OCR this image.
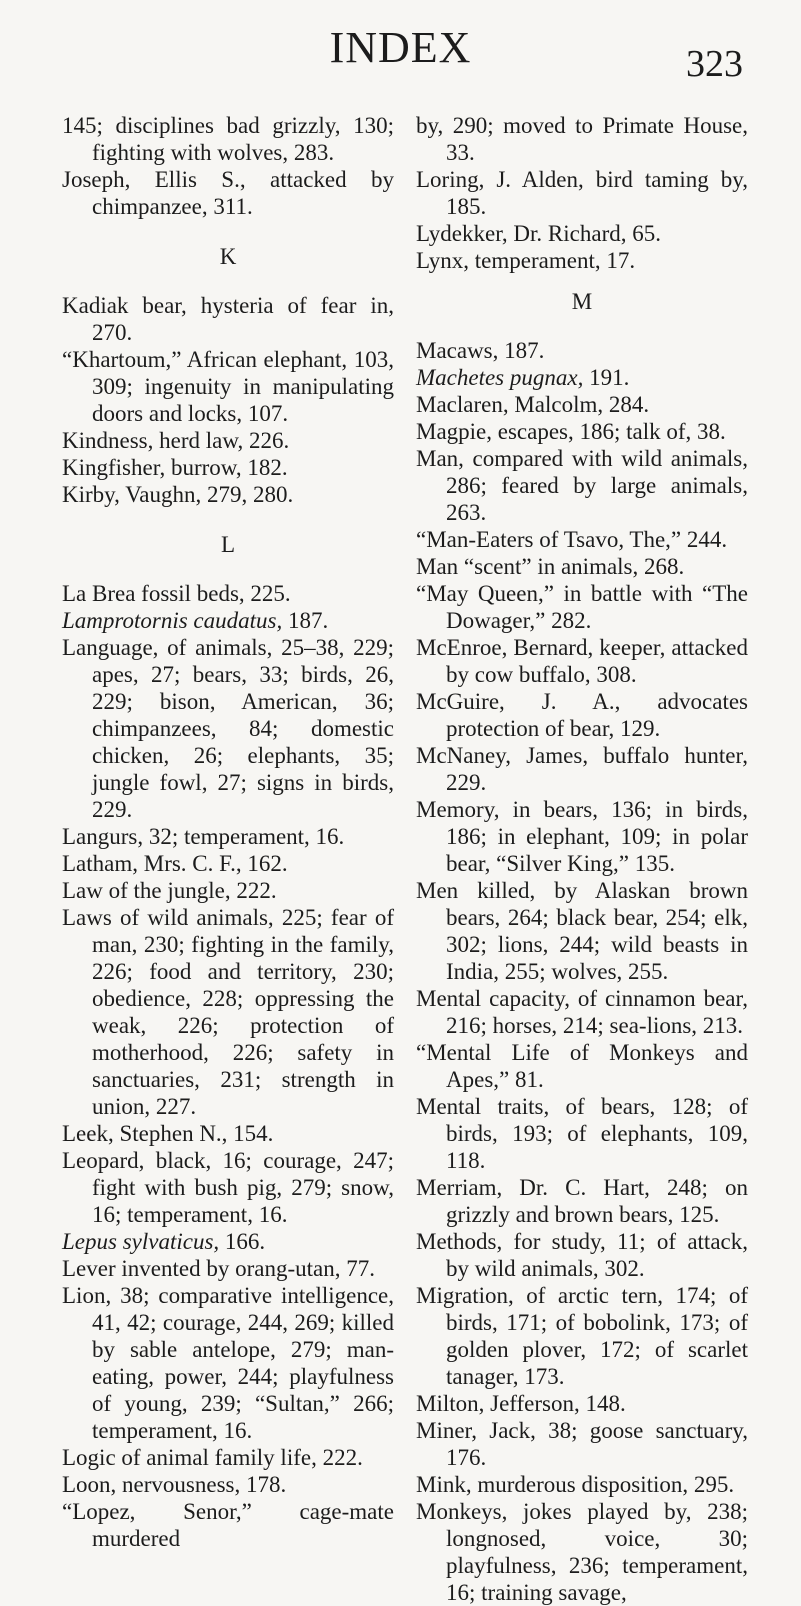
INDEX	323

145; disciplines bad grizzly, 130; fighting with wolves, 283.

Joseph, Ellis S., attacked by chimpanzee, 311.

K

Kadiak bear, hysteria of fear in, 270.

“Khartoum,” African elephant, 103, 309; ingenuity in manipulating doors and locks, 107.

Kindness, herd law, 226.

Kingfisher, burrow, 182.

Kirby, Vaughn, 279, 280.

L

La Brea fossil beds, 225.

Lamprotornis caudatus, 187.

Language, of animals, 25–38, 229; apes, 27; bears, 33; birds, 26, 229; bison, American, 36; chimpanzees, 84; domestic chicken, 26; elephants, 35; jungle fowl, 27; signs in birds, 229.

Langurs, 32; temperament, 16.

Latham, Mrs. C. F., 162.

Law of the jungle, 222.

Laws of wild animals, 225; fear of man, 230; fighting in the family, 226; food and territory, 230; obedience, 228; oppressing the weak, 226; protection of motherhood, 226; safety in sanctuaries, 231; strength in union, 227.

Leek, Stephen N., 154.

Leopard, black, 16; courage, 247; fight with bush pig, 279; snow, 16; temperament, 16.

Lepus sylvaticus, 166.

Lever invented by orang-utan, 77.

Lion, 38; comparative intelligence, 41, 42; courage, 244, 269; killed by sable antelope, 279; man-eating, power, 244; playfulness of young, 239; “Sultan,” 266; temperament, 16.

Logic of animal family life, 222.

Loon, nervousness, 178.

“Lopez, Senor,” cage-mate murdered

by, 290; moved to Primate House, 33.

Loring, J. Alden, bird taming by, 185.

Lydekker, Dr. Richard, 65.

Lynx, temperament, 17.

M

Macaws, 187.

Machetes pugnax, 191.

Maclaren, Malcolm, 284.

Magpie, escapes, 186; talk of, 38.

Man, compared with wild animals, 286; feared by large animals, 263.

“Man-Eaters of Tsavo, The,” 244.

Man “scent” in animals, 268.

“May Queen,” in battle with “The Dowager,” 282.

McEnroe, Bernard, keeper, attacked by cow buffalo, 308.

McGuire, J. A., advocates protection of bear, 129.

McNaney, James, buffalo hunter, 229.

Memory, in bears, 136; in birds, 186; in elephant, 109; in polar bear, “Silver King,” 135.

Men killed, by Alaskan brown bears, 264; black bear, 254; elk, 302; lions, 244; wild beasts in India, 255; wolves, 255.

Mental capacity, of cinnamon bear, 216; horses, 214; sea-lions, 213.

“Mental Life of Monkeys and Apes,” 81.

Mental traits, of bears, 128; of birds, 193; of elephants, 109, 118.

Merriam, Dr. C. Hart, 248; on grizzly and brown bears, 125.

Methods, for study, 11; of attack, by wild animals, 302.

Migration, of arctic tern, 174; of birds, 171; of bobolink, 173; of golden plover, 172; of scarlet tanager, 173.

Milton, Jefferson, 148.

Miner, Jack, 38; goose sanctuary, 176.

Mink, murderous disposition, 295.

Monkeys, jokes played by, 238; longnosed, voice, 30; playfulness, 236; temperament, 16; training savage,
